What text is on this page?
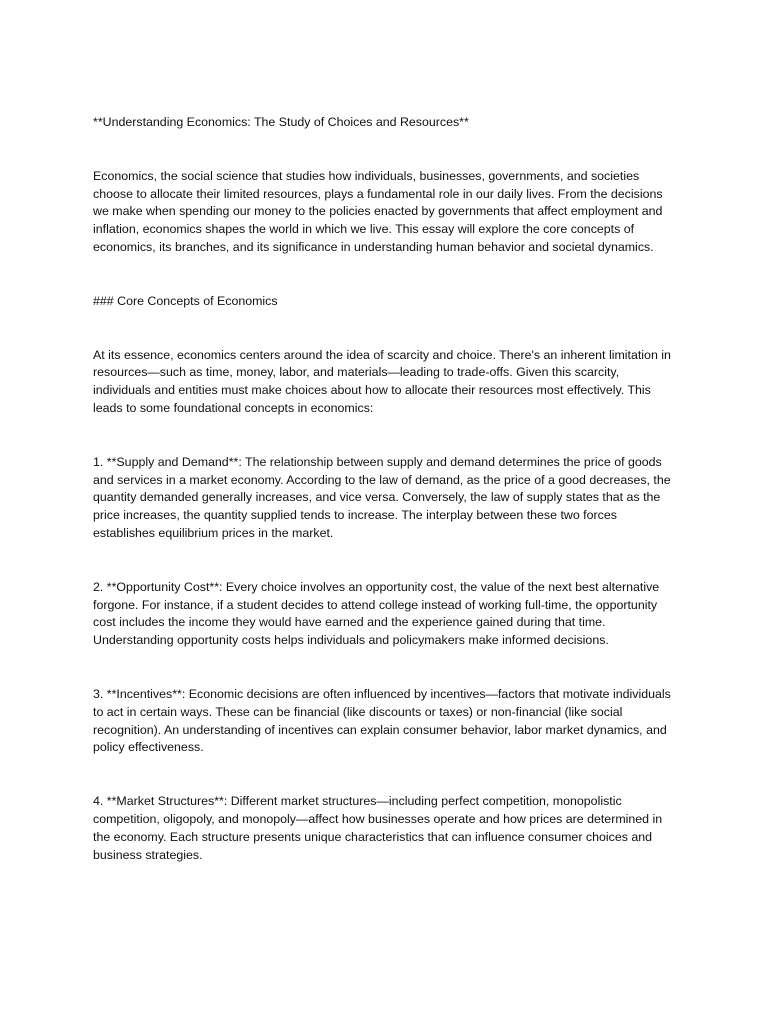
**Understanding Economics: The Study of Choices and Resources**

Economics, the social science that studies how individuals, businesses, governments, and societies choose to allocate their limited resources, plays a fundamental role in our daily lives. From the decisions we make when spending our money to the policies enacted by governments that affect employment and inflation, economics shapes the world in which we live. This essay will explore the core concepts of economics, its branches, and its significance in understanding human behavior and societal dynamics.

### Core Concepts of Economics

At its essence, economics centers around the idea of scarcity and choice. There's an inherent limitation in resources—such as time, money, labor, and materials—leading to trade-offs. Given this scarcity, individuals and entities must make choices about how to allocate their resources most effectively. This leads to some foundational concepts in economics:

1. **Supply and Demand**: The relationship between supply and demand determines the price of goods and services in a market economy. According to the law of demand, as the price of a good decreases, the quantity demanded generally increases, and vice versa. Conversely, the law of supply states that as the price increases, the quantity supplied tends to increase. The interplay between these two forces establishes equilibrium prices in the market.

2. **Opportunity Cost**: Every choice involves an opportunity cost, the value of the next best alternative forgone. For instance, if a student decides to attend college instead of working full-time, the opportunity cost includes the income they would have earned and the experience gained during that time. Understanding opportunity costs helps individuals and policymakers make informed decisions.

3. **Incentives**: Economic decisions are often influenced by incentives—factors that motivate individuals to act in certain ways. These can be financial (like discounts or taxes) or non-financial (like social recognition). An understanding of incentives can explain consumer behavior, labor market dynamics, and policy effectiveness.

4. **Market Structures**: Different market structures—including perfect competition, monopolistic competition, oligopoly, and monopoly—affect how businesses operate and how prices are determined in the economy. Each structure presents unique characteristics that can influence consumer choices and business strategies.
